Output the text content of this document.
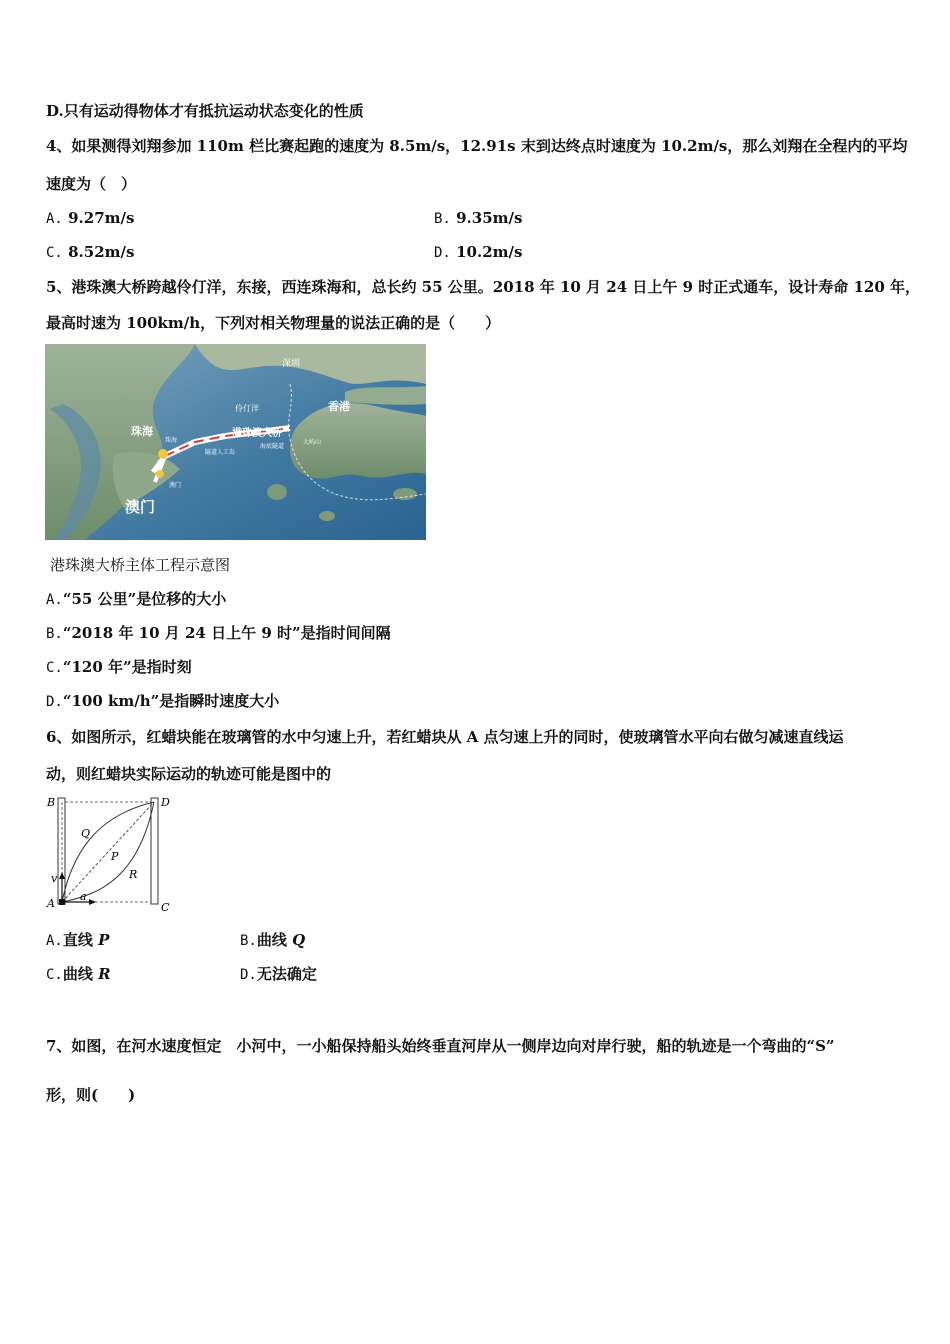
D.只有运动得物体才有抵抗运动状态变化的性质
4、如果测得刘翔参加 110m 栏比赛起跑的速度为 8.5m/s，12.91s 末到达终点时速度为 10.2m/s，那么刘翔在全程内的平均
速度为（　）
A. 9.27m/s	B. 9.35m/s
C. 8.52m/s	D. 10.2m/s
5、港珠澳大桥跨越伶仃洋，东接，西连珠海和，总长约 55 公里。2018 年 10 月 24 日上午 9 时正式通车，设计寿命 120 年，
最高时速为 100km/h，下列对相关物理量的说法正确的是（　　）
深圳
伶仃洋	香港
珠海	港珠澳大桥
珠海
澳门
隧道人工岛
海底隧道
大屿山
澳门
港珠澳大桥主体工程示意图
A.“55 公里”是位移的大小
B.“2018 年 10 月 24 日上午 9 时”是指时间间隔
C.“120 年”是指时刻
D.“100 km/h”是指瞬时速度大小
6、如图所示，红蜡块能在玻璃管的水中匀速上升，若红蜡块从 A 点匀速上升的同时，使玻璃管水平向右做匀减速直线运
动，则红蜡块实际运动的轨迹可能是图中的
B	D
Q
P
R
v
A
a
C
A.直线 P	B.曲线 Q
C.曲线 R	D.无法确定
7、如图，在河水速度恒定　小河中，一小船保持船头始终垂直河岸从一侧岸边向对岸行驶，船的轨迹是一个弯曲的“S”
形，则(　　)
